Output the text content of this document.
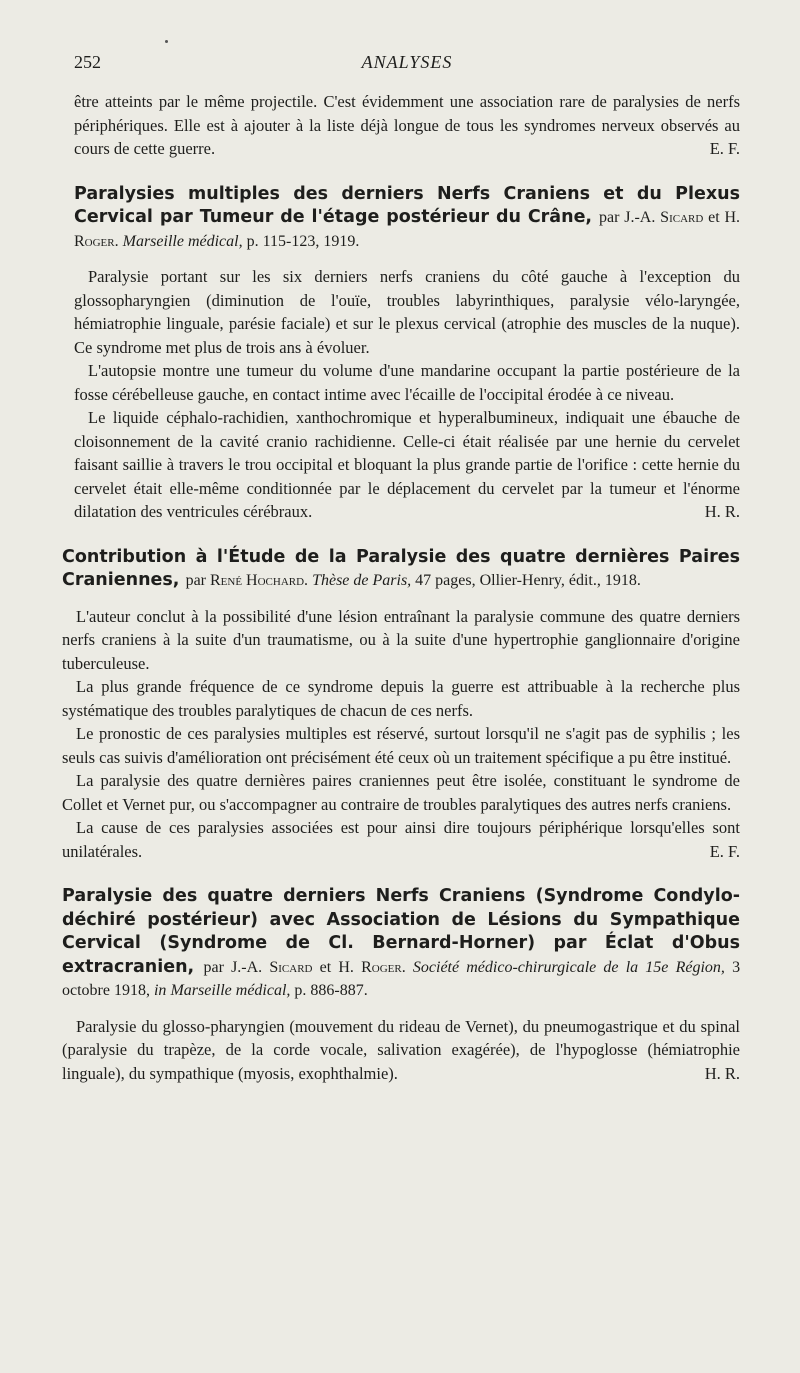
252	ANALYSES

être atteints par le même projectile. C'est évidemment une association rare de paralysies de nerfs périphériques. Elle est à ajouter à la liste déjà longue de tous les syndromes nerveux observés au cours de cette guerre.	E. F.

Paralysies multiples des derniers Nerfs Craniens et du Plexus Cervical par Tumeur de l'étage postérieur du Crâne, par J.-A. Sicard et H. Roger. Marseille médical, p. 115-123, 1919.

Paralysie portant sur les six derniers nerfs craniens du côté gauche à l'exception du glossopharyngien (diminution de l'ouïe, troubles labyrinthiques, paralysie vélo-laryngée, hémiatrophie linguale, parésie faciale) et sur le plexus cervical (atrophie des muscles de la nuque). Ce syndrome met plus de trois ans à évoluer.

L'autopsie montre une tumeur du volume d'une mandarine occupant la partie postérieure de la fosse cérébelleuse gauche, en contact intime avec l'écaille de l'occipital érodée à ce niveau.

Le liquide céphalo-rachidien, xanthochromique et hyperalbumineux, indiquait une ébauche de cloisonnement de la cavité cranio rachidienne. Celle-ci était réalisée par une hernie du cervelet faisant saillie à travers le trou occipital et bloquant la plus grande partie de l'orifice : cette hernie du cervelet était elle-même conditionnée par le déplacement du cervelet par la tumeur et l'énorme dilatation des ventricules cérébraux.	H. R.

Contribution à l'Étude de la Paralysie des quatre dernières Paires Craniennes, par René Hochard. Thèse de Paris, 47 pages, Ollier-Henry, édit., 1918.

L'auteur conclut à la possibilité d'une lésion entraînant la paralysie commune des quatre derniers nerfs craniens à la suite d'un traumatisme, ou à la suite d'une hypertrophie ganglionnaire d'origine tuberculeuse.

La plus grande fréquence de ce syndrome depuis la guerre est attribuable à la recherche plus systématique des troubles paralytiques de chacun de ces nerfs.

Le pronostic de ces paralysies multiples est réservé, surtout lorsqu'il ne s'agit pas de syphilis ; les seuls cas suivis d'amélioration ont précisément été ceux où un traitement spécifique a pu être institué.

La paralysie des quatre dernières paires craniennes peut être isolée, constituant le syndrome de Collet et Vernet pur, ou s'accompagner au contraire de troubles paralytiques des autres nerfs craniens.

La cause de ces paralysies associées est pour ainsi dire toujours périphérique lorsqu'elles sont unilatérales.	E. F.

Paralysie des quatre derniers Nerfs Craniens (Syndrome Condylo-déchiré postérieur) avec Association de Lésions du Sympathique Cervical (Syndrome de Cl. Bernard-Horner) par Éclat d'Obus extracranien, par J.-A. Sicard et H. Roger. Société médico-chirurgicale de la 15e Région, 3 octobre 1918, in Marseille médical, p. 886-887.

Paralysie du glosso-pharyngien (mouvement du rideau de Vernet), du pneumogastrique et du spinal (paralysie du trapèze, de la corde vocale, salivation exagérée), de l'hypoglosse (hémiatrophie linguale), du sympathique (myosis, exophthalmie).	H. R.
